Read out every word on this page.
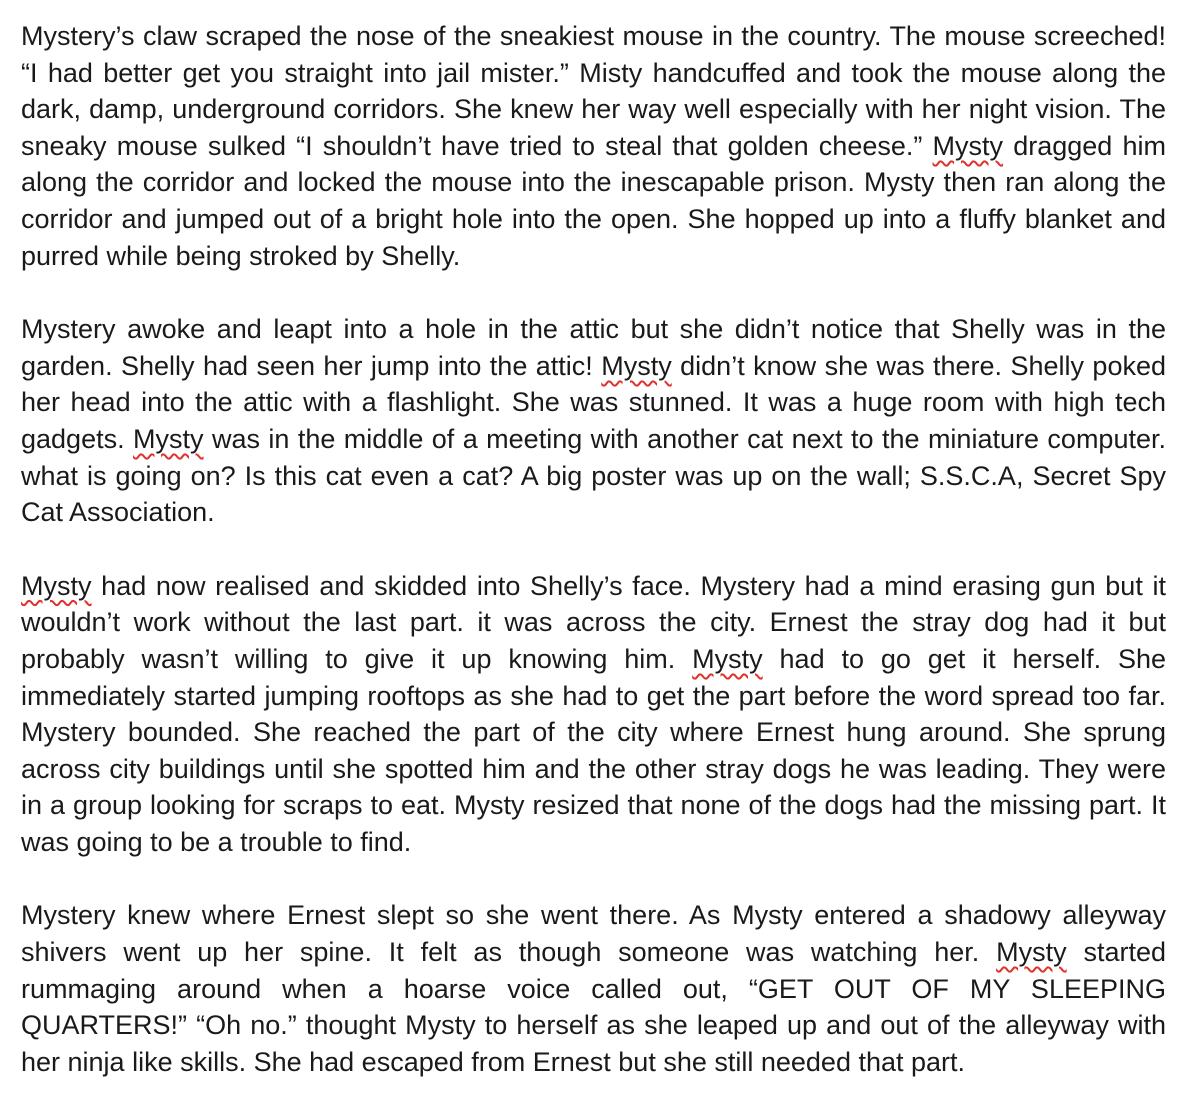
Mystery’s claw scraped the nose of the sneakiest mouse in the country. The mouse screeched! “I had better get you straight into jail mister.” Misty handcuffed and took the mouse along the dark, damp, underground corridors. She knew her way well especially with her night vision. The sneaky mouse sulked “I shouldn’t have tried to steal that golden cheese.” Mysty dragged him along the corridor and locked the mouse into the inescapable prison. Mysty then ran along the corridor and jumped out of a bright hole into the open. She hopped up into a fluffy blanket and purred while being stroked by Shelly.

Mystery awoke and leapt into a hole in the attic but she didn’t notice that Shelly was in the garden. Shelly had seen her jump into the attic! Mysty didn’t know she was there. Shelly poked her head into the attic with a flashlight. She was stunned. It was a huge room with high tech gadgets. Mysty was in the middle of a meeting with another cat next to the miniature computer. what is going on? Is this cat even a cat? A big poster was up on the wall; S.S.C.A, Secret Spy Cat Association.

Mysty had now realised and skidded into Shelly’s face. Mystery had a mind erasing gun but it wouldn’t work without the last part. it was across the city. Ernest the stray dog had it but probably wasn’t willing to give it up knowing him. Mysty had to go get it herself. She immediately started jumping rooftops as she had to get the part before the word spread too far. Mystery bounded. She reached the part of the city where Ernest hung around. She sprung across city buildings until she spotted him and the other stray dogs he was leading. They were in a group looking for scraps to eat. Mysty resized that none of the dogs had the missing part. It was going to be a trouble to find.

Mystery knew where Ernest slept so she went there. As Mysty entered a shadowy alleyway shivers went up her spine. It felt as though someone was watching her. Mysty started rummaging around when a hoarse voice called out, “GET OUT OF MY SLEEPING QUARTERS!” “Oh no.” thought Mysty to herself as she leaped up and out of the alleyway with her ninja like skills. She had escaped from Ernest but she still needed that part.
